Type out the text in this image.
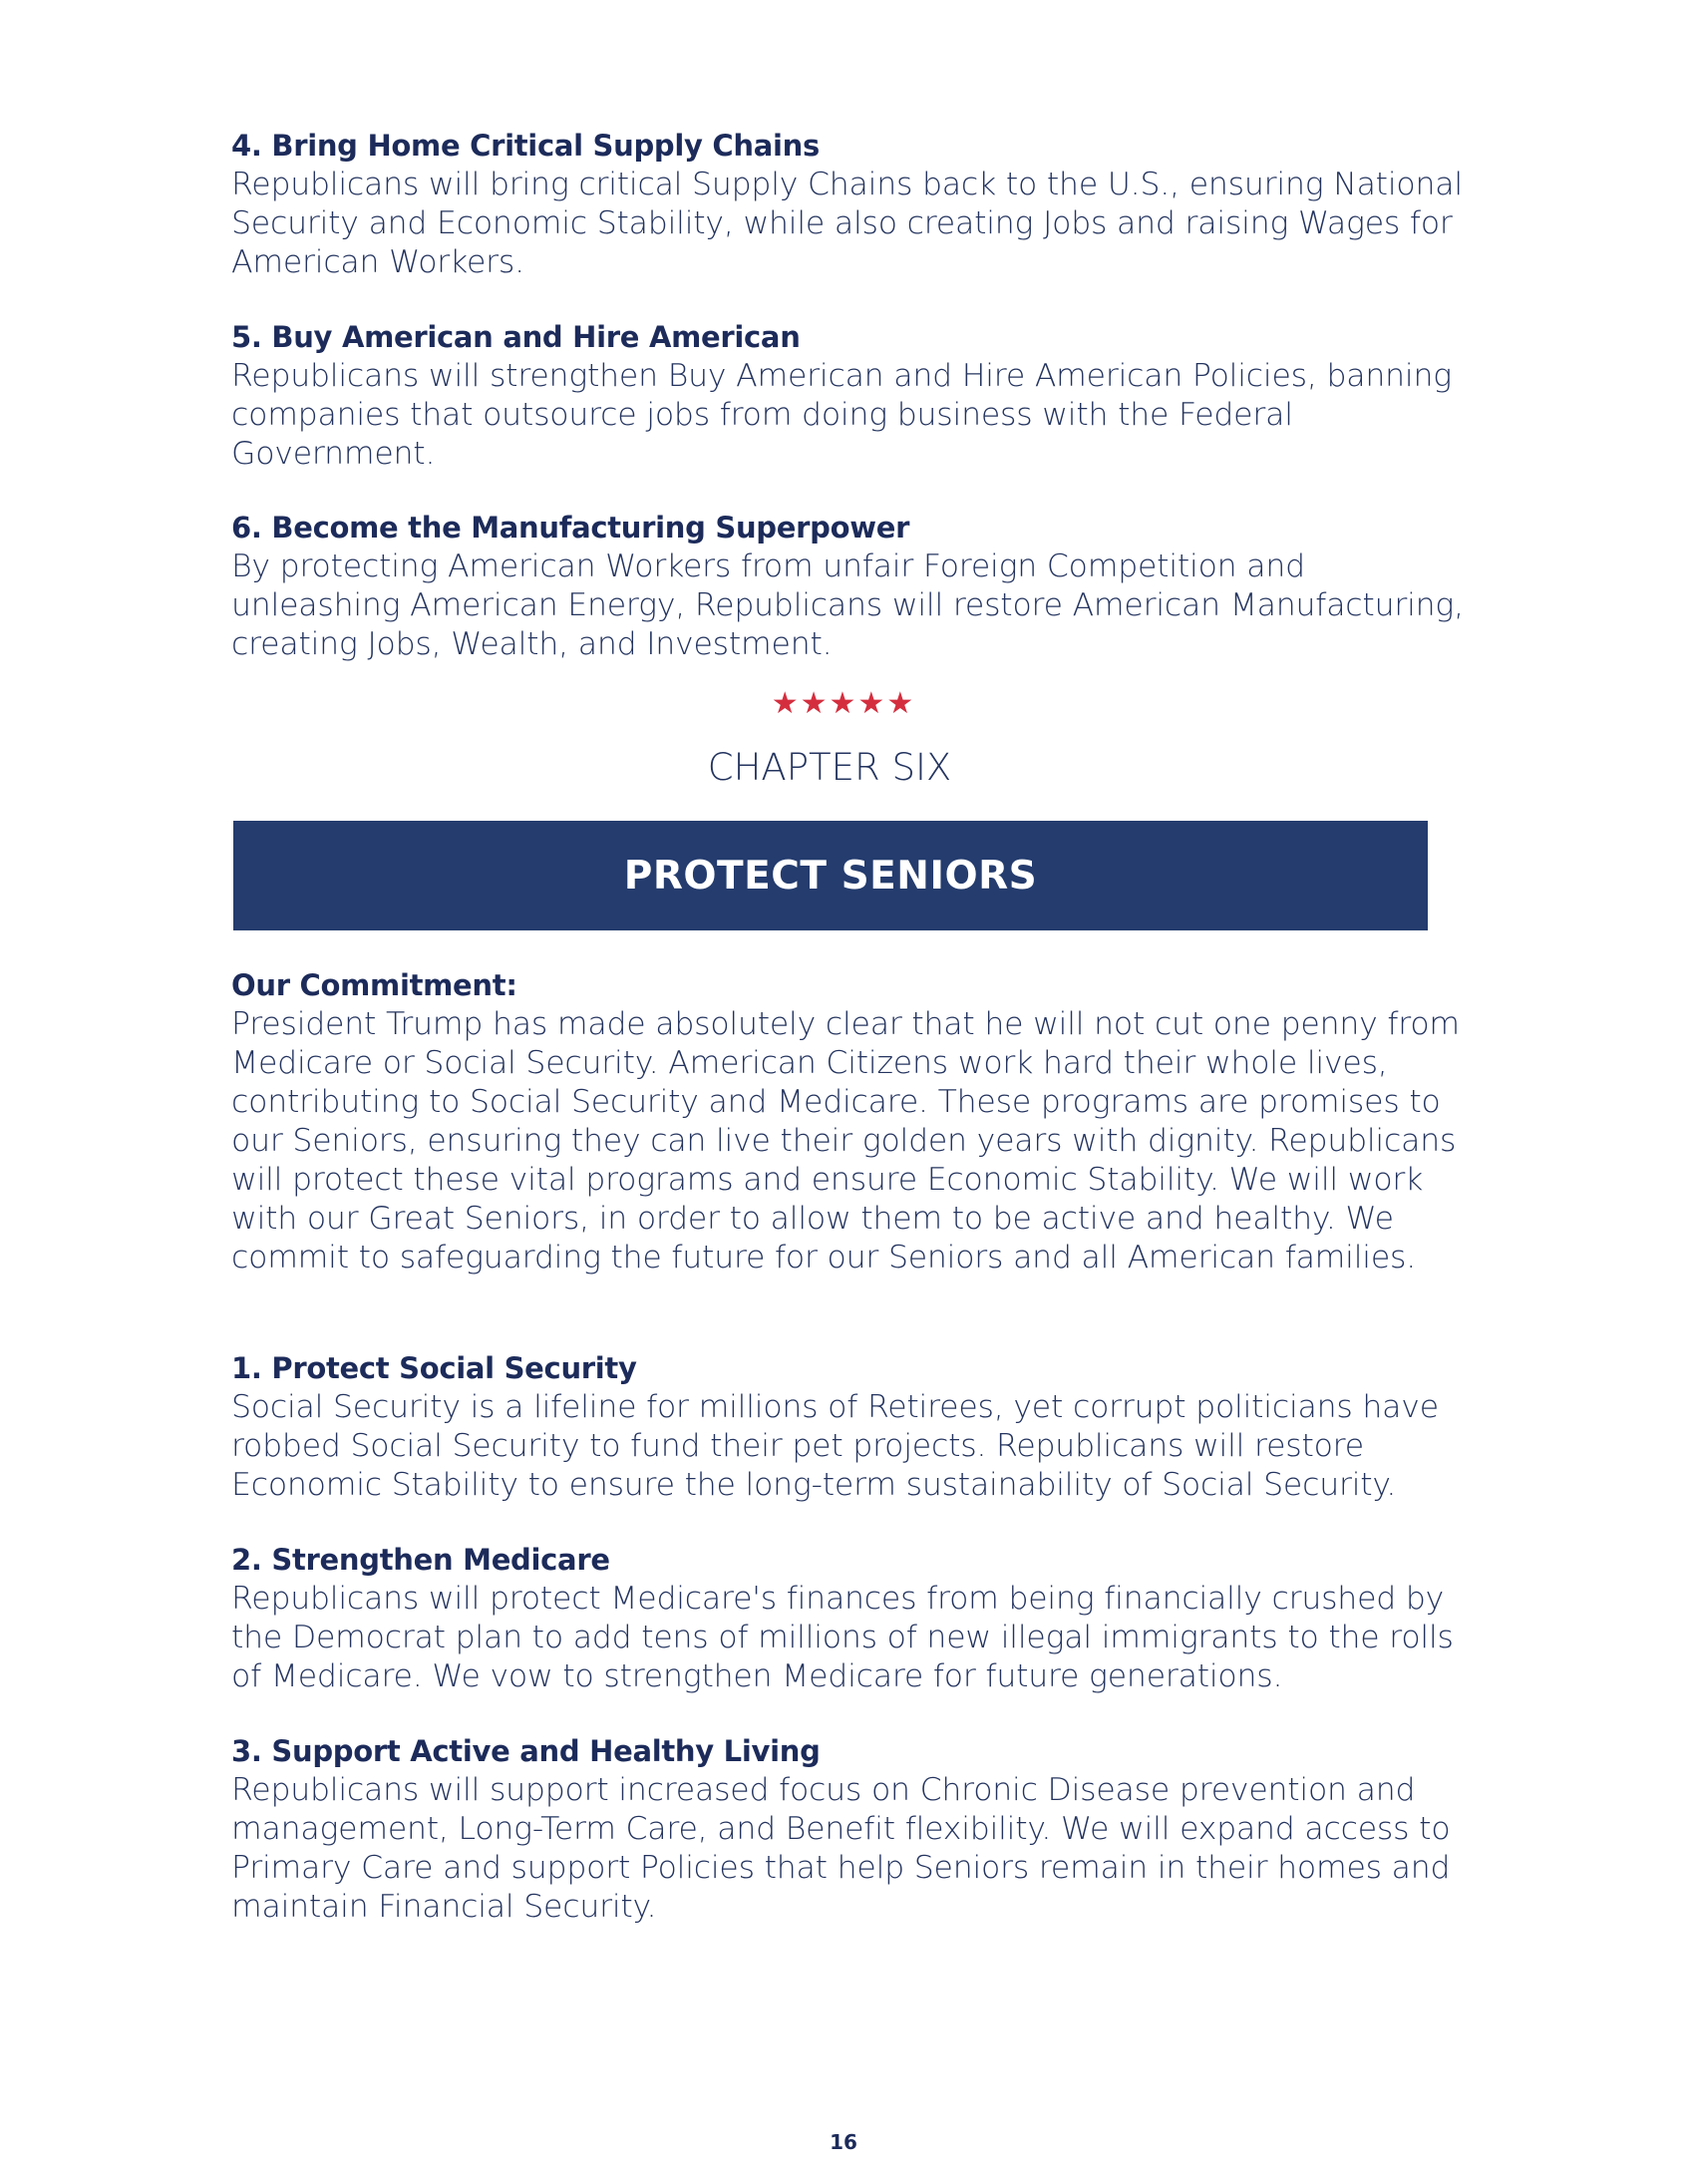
4. Bring Home Critical Supply Chains
Republicans will bring critical Supply Chains back to the U.S., ensuring National Security and Economic Stability, while also creating Jobs and raising Wages for American Workers.
5. Buy American and Hire American
Republicans will strengthen Buy American and Hire American Policies, banning companies that outsource jobs from doing business with the Federal Government.
6. Become the Manufacturing Superpower
By protecting American Workers from unfair Foreign Competition and unleashing American Energy, Republicans will restore American Manufacturing, creating Jobs, Wealth, and Investment.
★★★★★
CHAPTER SIX
PROTECT SENIORS
Our Commitment:
President Trump has made absolutely clear that he will not cut one penny from Medicare or Social Security. American Citizens work hard their whole lives, contributing to Social Security and Medicare. These programs are promises to our Seniors, ensuring they can live their golden years with dignity. Republicans will protect these vital programs and ensure Economic Stability. We will work with our Great Seniors, in order to allow them to be active and healthy. We commit to safeguarding the future for our Seniors and all American families.
1. Protect Social Security
Social Security is a lifeline for millions of Retirees, yet corrupt politicians have robbed Social Security to fund their pet projects. Republicans will restore Economic Stability to ensure the long-term sustainability of Social Security.
2. Strengthen Medicare
Republicans will protect Medicare's finances from being financially crushed by the Democrat plan to add tens of millions of new illegal immigrants to the rolls of Medicare. We vow to strengthen Medicare for future generations.
3. Support Active and Healthy Living
Republicans will support increased focus on Chronic Disease prevention and management, Long-Term Care, and Benefit flexibility. We will expand access to Primary Care and support Policies that help Seniors remain in their homes and maintain Financial Security.
16
